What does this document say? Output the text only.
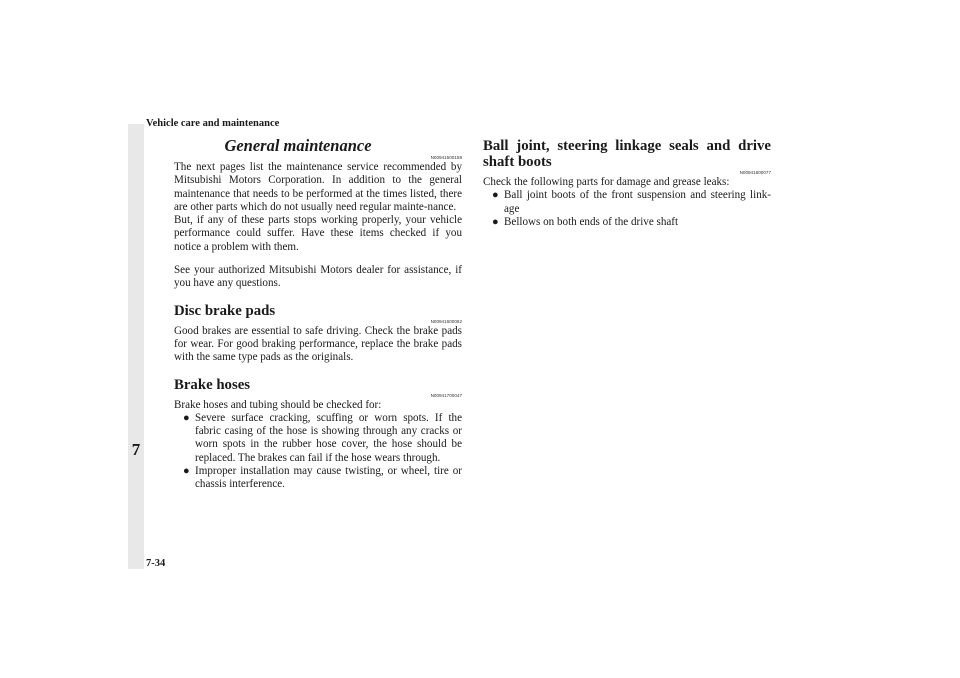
Vehicle care and maintenance
7
7-34
General maintenance
N00941500159

The next pages list the maintenance service recommended by Mitsubishi Motors Corporation. In addition to the general maintenance that needs to be performed at the times listed, there are other parts which do not usually need regular mainte-nance.

But, if any of these parts stops working properly, your vehicle performance could suffer. Have these items checked if you notice a problem with them.

See your authorized Mitsubishi Motors dealer for assistance, if you have any questions.

Disc brake pads
N00941600062

Good brakes are essential to safe driving. Check the brake pads for wear. For good braking performance, replace the brake pads with the same type pads as the originals.

Brake hoses
N00941700047

Brake hoses and tubing should be checked for:

● Severe surface cracking, scuffing or worn spots. If the fabric casing of the hose is showing through any cracks or worn spots in the rubber hose cover, the hose should be replaced. The brakes can fail if the hose wears through.
● Improper installation may cause twisting, or wheel, tire or chassis interference.
Ball joint, steering linkage seals and drive shaft boots
N00941800077

Check the following parts for damage and grease leaks:

● Ball joint boots of the front suspension and steering link-age
● Bellows on both ends of the drive shaft
